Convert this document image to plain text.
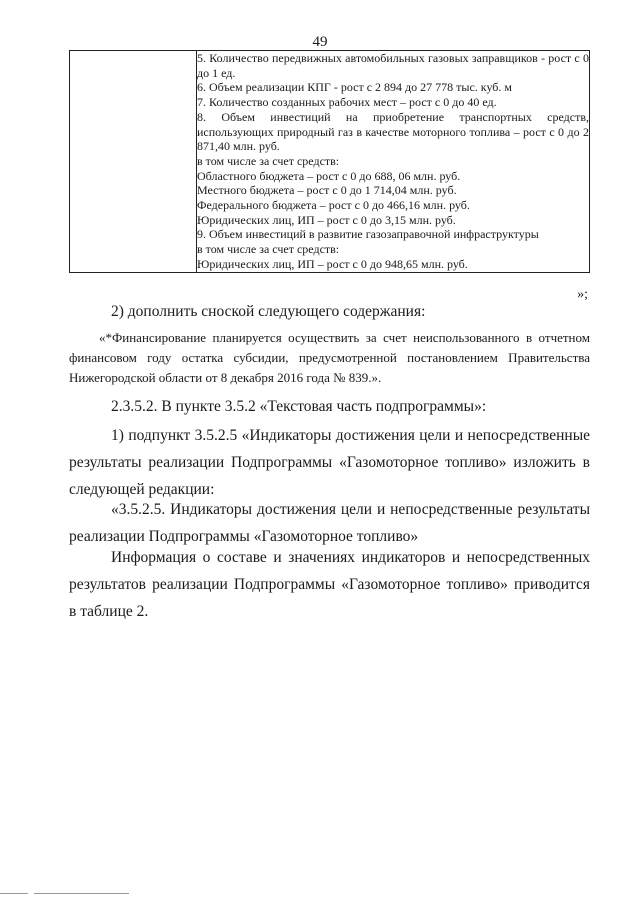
49

5. Количество передвижных автомобильных газовых заправщиков - рост с 0 до 1 ед.
6. Объем реализации КПГ - рост с 2 894 до 27 778 тыс. куб. м
7. Количество созданных рабочих мест – рост с 0 до 40 ед.
8. Объем инвестиций на приобретение транспортных средств, использующих природный газ в качестве моторного топлива – рост с 0 до 2 871,40 млн. руб.
в том числе за счет средств:
Областного бюджета – рост с 0 до 688, 06 млн. руб.
Местного бюджета – рост с 0 до 1 714,04 млн. руб.
Федерального бюджета – рост с 0 до 466,16 млн. руб.
Юридических лиц, ИП – рост с 0 до 3,15 млн. руб.
9. Объем инвестиций в развитие газозаправочной инфраструктуры
в том числе за счет средств:
Юридических лиц, ИП – рост с 0 до 948,65 млн. руб.
»;

2) дополнить сноской следующего содержания:

«*Финансирование планируется осуществить за счет неиспользованного в отчетном финансовом году остатка субсидии, предусмотренной постановлением Правительства Нижегородской области от 8 декабря 2016 года № 839.».

2.3.5.2. В пункте 3.5.2 «Текстовая часть подпрограммы»:

1) подпункт 3.5.2.5 «Индикаторы достижения цели и непосредственные результаты реализации Подпрограммы «Газомоторное топливо» изложить в следующей редакции:

«3.5.2.5. Индикаторы достижения цели и непосредственные результаты реализации Подпрограммы «Газомоторное топливо»

Информация о составе и значениях индикаторов и непосредственных результатов реализации Подпрограммы «Газомоторное топливо» приводится в таблице 2.
